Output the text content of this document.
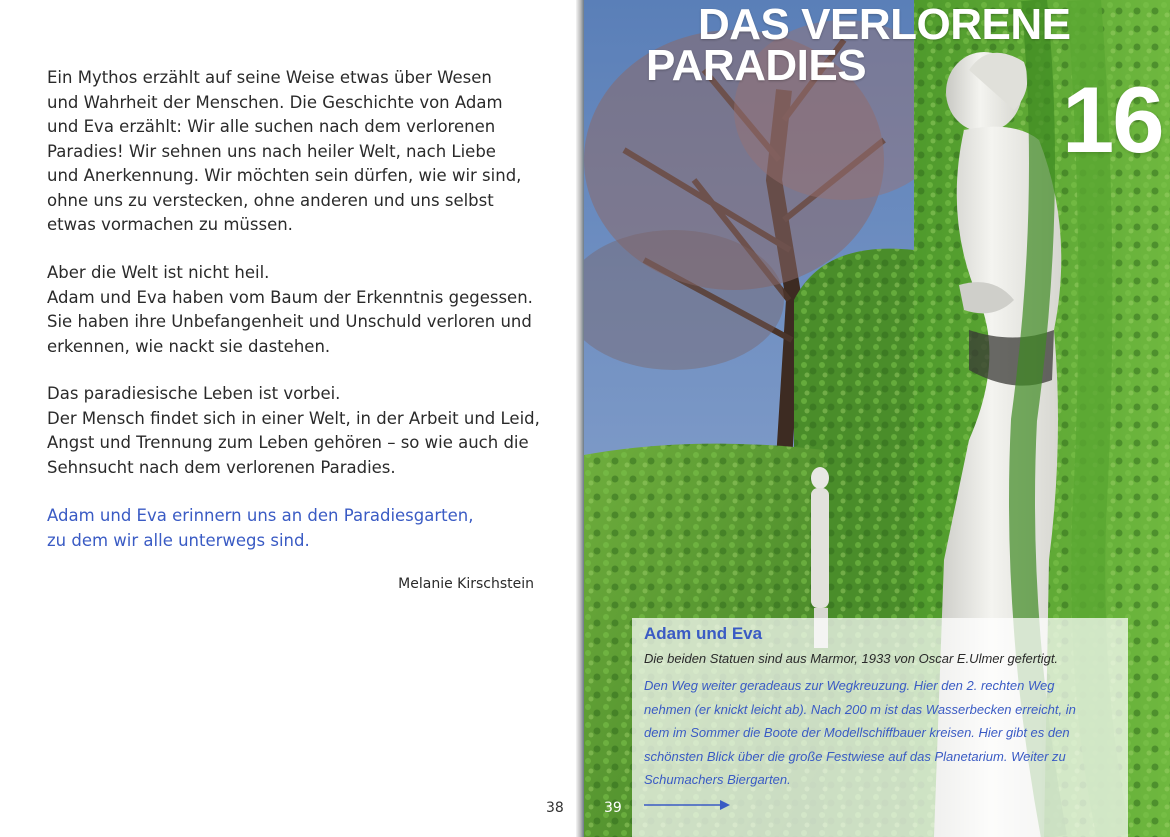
Ein Mythos erzählt auf seine Weise etwas über Wesen
und Wahrheit der Menschen. Die Geschichte von Adam
und Eva erzählt: Wir alle suchen nach dem verlorenen
Paradies! Wir sehnen uns nach heiler Welt, nach Liebe
und Anerkennung. Wir möchten sein dürfen, wie wir sind,
ohne uns zu verstecken, ohne anderen und uns selbst
etwas vormachen zu müssen.
Aber die Welt ist nicht heil.
Adam und Eva haben vom Baum der Erkenntnis gegessen.
Sie haben ihre Unbefangenheit und Unschuld verloren und
erkennen, wie nackt sie dastehen.
Das paradiesische Leben ist vorbei.
Der Mensch findet sich in einer Welt, in der Arbeit und Leid,
Angst und Trennung zum Leben gehören – so wie auch die
Sehnsucht nach dem verlorenen Paradies.
Adam und Eva erinnern uns an den Paradiesgarten,
zu dem wir alle unterwegs sind.
Melanie Kirschstein
38
DAS VERLORENE
PARADIES
16
Adam und Eva
Die beiden Statuen sind aus Marmor, 1933 von Oscar E.Ulmer gefertigt.
Den Weg weiter geradeaus zur Wegkreuzung. Hier den 2. rechten Weg
nehmen (er knickt leicht ab). Nach 200 m ist das Wasserbecken erreicht, in
dem im Sommer die Boote der Modellschiffbauer kreisen. Hier gibt es den
schönsten Blick über die große Festwiese auf das Planetarium. Weiter zu
Schumachers Biergarten.
39
